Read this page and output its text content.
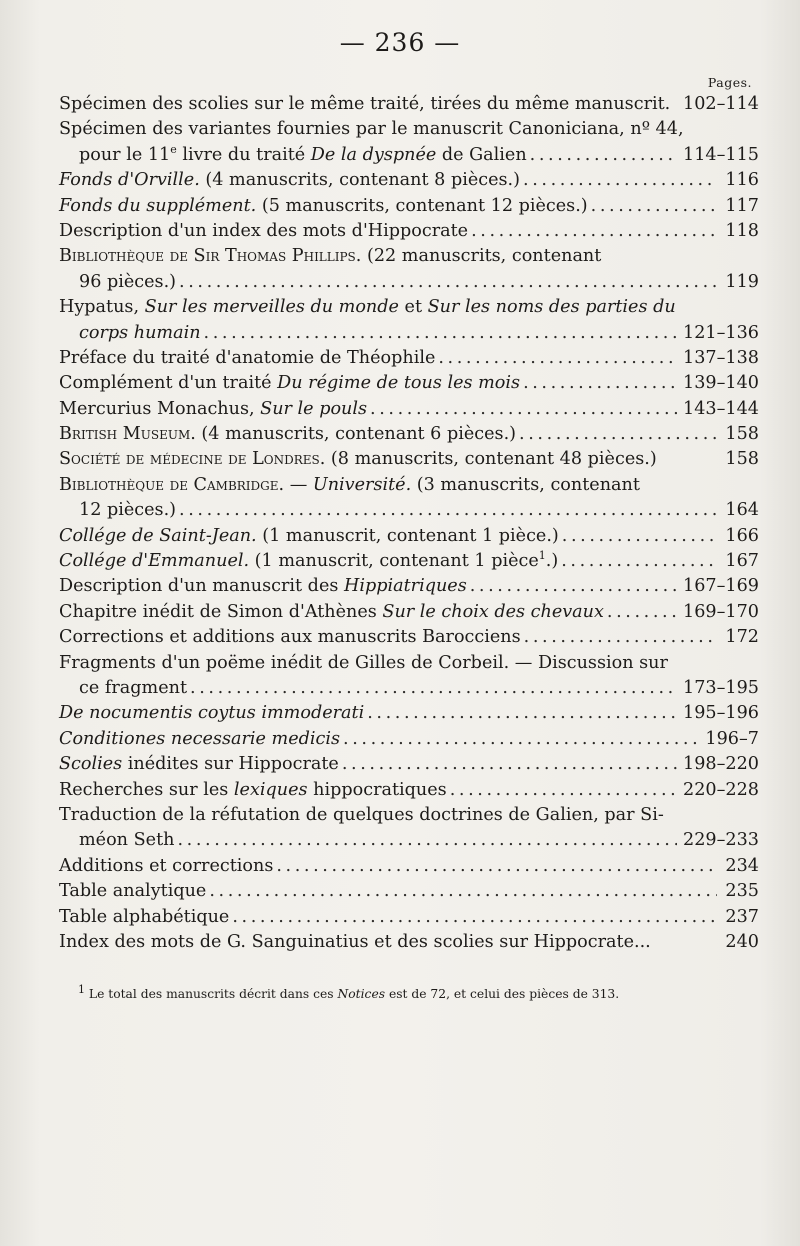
— 236 —
Pages.
Spécimen des scolies sur le même traité, tirées du même manuscrit. 102–114
Spécimen des variantes fournies par le manuscrit Canoniciana, nº 44,
pour le 11e livre du traité De la dyspnée de Galien . . .	114–115
Fonds d'Orville. (4 manuscrits, contenant 8 pièces.) . . .	116
Fonds du supplément. (5 manuscrits, contenant 12 pièces.) . . .	117
Description d'un index des mots d'Hippocrate . . .	118
Bibliothèque de Sir Thomas Phillips. (22 manuscrits, contenant
96 pièces.) . . .	119
Hypatus, Sur les merveilles du monde et Sur les noms des parties du
corps humain . . .	121–136
Préface du traité d'anatomie de Théophile . . .	137–138
Complément d'un traité Du régime de tous les mois . . .	139–140
Mercurius Monachus, Sur le pouls . . .	143–144
British Museum. (4 manuscrits, contenant 6 pièces.) . . .	158
Société de médecine de Londres. (8 manuscrits, contenant 48 pièces.)	158
Bibliothèque de Cambridge. — Université. (3 manuscrits, contenant
12 pièces.) . . .	164
Collége de Saint-Jean. (1 manuscrit, contenant 1 pièce.) . . .	166
Collége d'Emmanuel. (1 manuscrit, contenant 1 pièce$^1$.) . . .	167
Description d'un manuscrit des Hippiatriques . . .	167–169
Chapitre inédit de Simon d'Athènes Sur le choix des chevaux . . .	169–170
Corrections et additions aux manuscrits Barocciens . . .	172
Fragments d'un poëme inédit de Gilles de Corbeil. — Discussion sur
ce fragment . . .	173–195
De nocumentis coytus immoderati . . .	195–196
Conditiones necessarie medicis . . .	196–7
Scolies inédites sur Hippocrate . . .	198–220
Recherches sur les lexiques hippocratiques . . .	220–228
Traduction de la réfutation de quelques doctrines de Galien, par Si-
méon Seth . . .	229–233
Additions et corrections . . .	234
Table analytique . . .	235
Table alphabétique . . .	237
Index des mots de G. Sanguinatius et des scolies sur Hippocrate...	240
$^1$ Le total des manuscrits décrit dans ces Notices est de 72, et celui des pièces de 313.
